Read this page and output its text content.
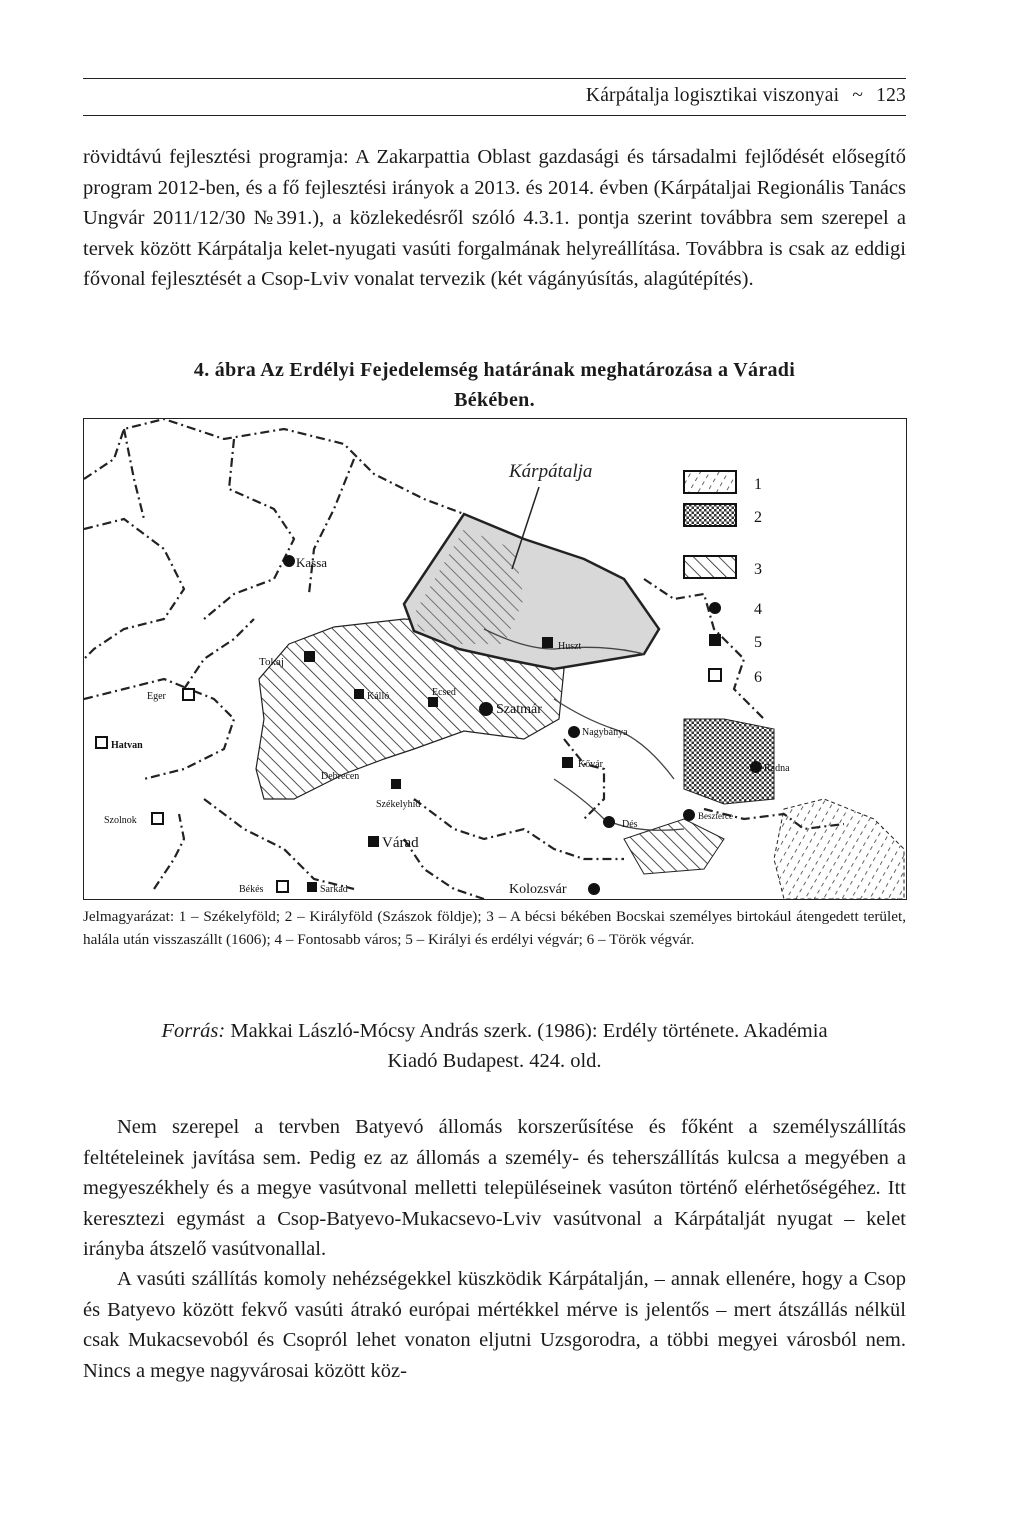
Kárpátalja logisztikai viszonyai ~ 123

rövidtávú fejlesztési programja: A Zakarpattia Oblast gazdasági és társadalmi fejlődését elősegítő program 2012-ben, és a fő fejlesztési irányok a 2013. és 2014. évben (Kárpátaljai Regionális Tanács Ungvár 2011/12/30 №391.), a közlekedésről szóló 4.3.1. pontja szerint továbbra sem szerepel a tervek között Kárpátalja kelet-nyugati vasúti forgalmának helyreállítása. Továbbra is csak az eddigi fővonal fejlesztését a Csop-Lviv vonalat tervezik (két vágányúsítás, alagútépítés).

4. ábra Az Erdélyi Fejedelemség határának meghatározása a Váradi
Békében.
Kárpátalja
Kassa
Tokaj
Huszt
Eger
Hatvan
Kálló	Ecsed
Szatmár
Nagybánya
Kővár	Radna
Debrecen
Székelyhid
Szolnok
Várad
Dés
Beszterce
Békés	Sarkad	Kolozsvár
1
2
3
4
5
6
Jelmagyarázat: 1 – Székelyföld; 2 – Királyföld (Szászok földje); 3 – A bécsi békében Bocskai személyes birtokául átengedett terület, halála után visszaszállt (1606); 4 – Fontosabb város; 5 – Királyi és erdélyi végvár; 6 – Török végvár.
Forrás: Makkai László-Mócsy András szerk. (1986): Erdély története. Akadémia
Kiadó Budapest. 424. old.

Nem szerepel a tervben Batyevó állomás korszerűsítése és főként a személyszállítás feltételeinek javítása sem. Pedig ez az állomás a személy- és teherszállítás kulcsa a megyében a megyeszékhely és a megye vasútvonal melletti településeinek vasúton történő elérhetőségéhez. Itt keresztezi egymást a Csop-Batyevo-Mukacsevo-Lviv vasútvonal a Kárpátalját nyugat – kelet irányba átszelő vasútvonallal.

A vasúti szállítás komoly nehézségekkel küszködik Kárpátalján, – annak ellenére, hogy a Csop és Batyevo között fekvő vasúti átrakó európai mértékkel mérve is jelentős – mert átszállás nélkül csak Mukacsevoból és Csopról lehet vonaton eljutni Uzsgorodra, a többi megyei városból nem. Nincs a megye nagyvárosai között köz-
